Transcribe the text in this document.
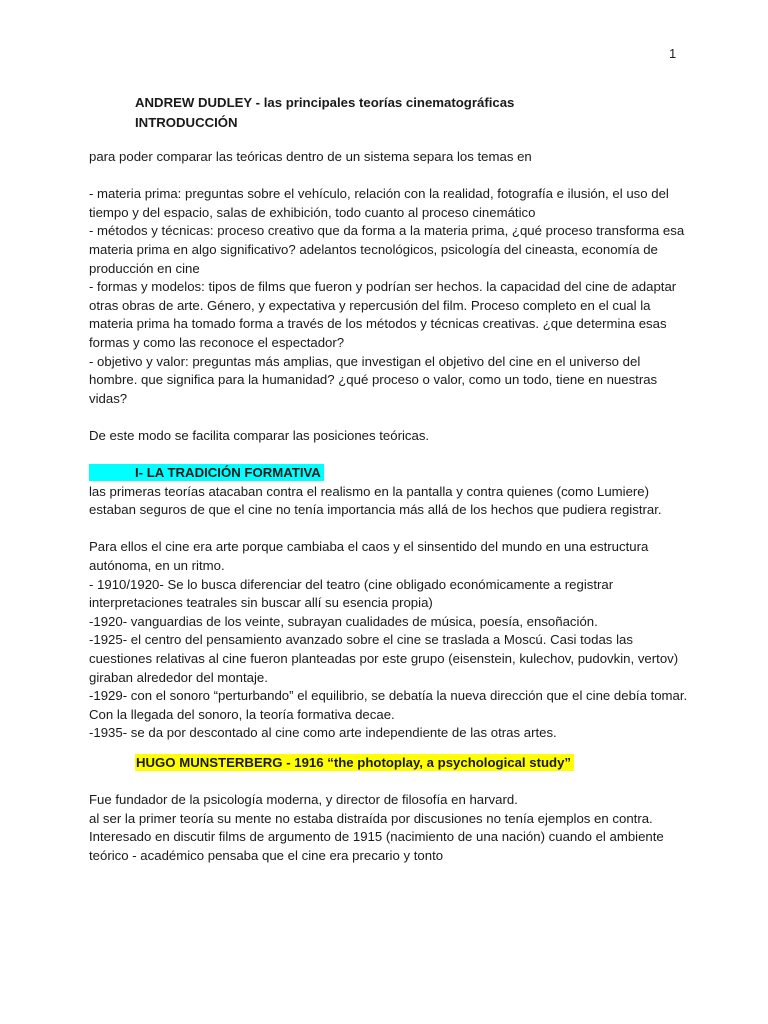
1
ANDREW DUDLEY - las principales teorías cinematográficas
INTRODUCCIÓN

para poder comparar las teóricas dentro de un sistema separa los temas en

- materia prima: preguntas sobre el vehículo, relación con la realidad, fotografía e ilusión, el uso del tiempo y del espacio, salas de exhibición, todo cuanto al proceso cinemático

- métodos y técnicas: proceso creativo que da forma a la materia prima, ¿qué proceso transforma esa materia prima en algo significativo? adelantos tecnológicos, psicología del cineasta, economía de producción en cine

- formas y modelos: tipos de films que fueron y podrían ser hechos. la capacidad del cine de adaptar otras obras de arte. Género, y expectativa y repercusión del film. Proceso completo en el cual la materia prima ha tomado forma a través de los métodos y técnicas creativas. ¿que determina esas formas y como las reconoce el espectador?

- objetivo y valor: preguntas más amplias, que investigan el objetivo del cine en el universo del hombre. que significa para la humanidad? ¿qué proceso o valor, como un todo, tiene en nuestras vidas?

De este modo se facilita comparar las posiciones teóricas.

I- LA TRADICIÓN FORMATIVA

las primeras teorías atacaban contra el realismo en la pantalla y contra quienes (como Lumiere) estaban seguros de que el cine no tenía importancia más allá de los hechos que pudiera registrar.

Para ellos el cine era arte porque cambiaba el caos y el sinsentido del mundo en una estructura autónoma, en un ritmo.

- 1910/1920- Se lo busca diferenciar del teatro (cine obligado económicamente a registrar interpretaciones teatrales sin buscar allí su esencia propia)

-1920- vanguardias de los veinte, subrayan cualidades de música, poesía, ensoñación.

-1925- el centro del pensamiento avanzado sobre el cine se traslada a Moscú. Casi todas las cuestiones relativas al cine fueron planteadas por este grupo (eisenstein, kulechov, pudovkin, vertov) giraban alrededor del montaje.

-1929- con el sonoro “perturbando” el equilibrio, se debatía la nueva dirección que el cine debía tomar. Con la llegada del sonoro, la teoría formativa decae.

-1935- se da por descontado al cine como arte independiente de las otras artes.

HUGO MUNSTERBERG - 1916 “the photoplay, a psychological study”

Fue fundador de la psicología moderna, y director de filosofía en harvard.

al ser la primer teoría su mente no estaba distraída por discusiones no tenía ejemplos en contra.

Interesado en discutir films de argumento de 1915 (nacimiento de una nación) cuando el ambiente teórico - académico pensaba que el cine era precario y tonto
